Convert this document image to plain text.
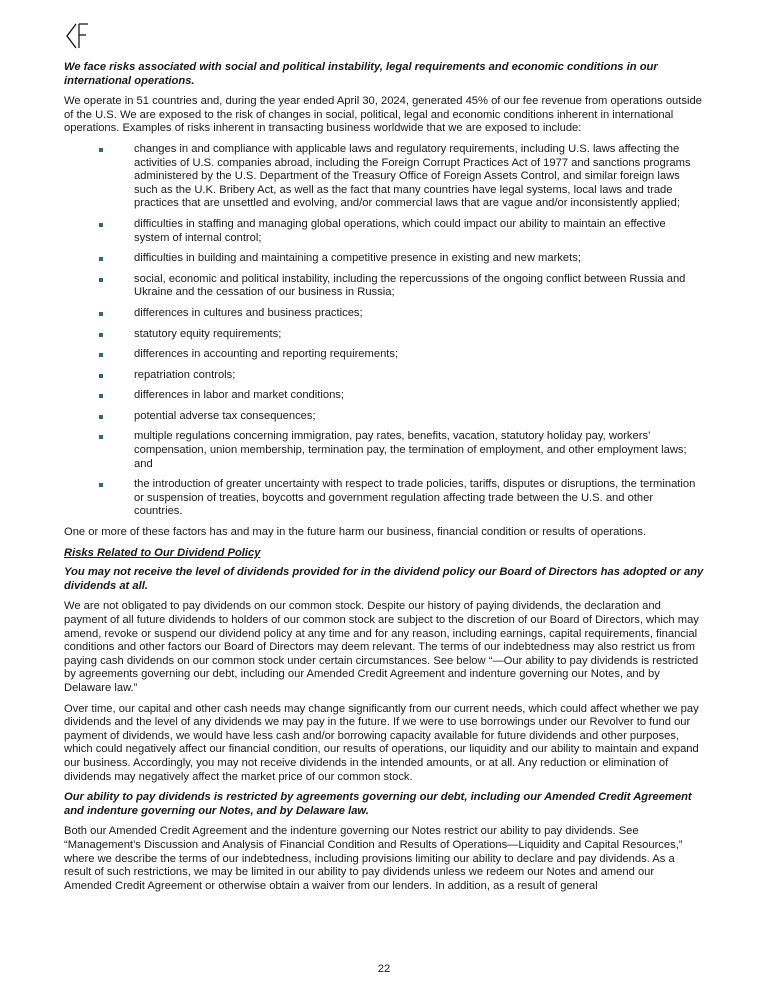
We face risks associated with social and political instability, legal requirements and economic conditions in our international operations.

We operate in 51 countries and, during the year ended April 30, 2024, generated 45% of our fee revenue from operations outside of the U.S. We are exposed to the risk of changes in social, political, legal and economic conditions inherent in international operations. Examples of risks inherent in transacting business worldwide that we are exposed to include:

changes in and compliance with applicable laws and regulatory requirements, including U.S. laws affecting the activities of U.S. companies abroad, including the Foreign Corrupt Practices Act of 1977 and sanctions programs administered by the U.S. Department of the Treasury Office of Foreign Assets Control, and similar foreign laws such as the U.K. Bribery Act, as well as the fact that many countries have legal systems, local laws and trade practices that are unsettled and evolving, and/or commercial laws that are vague and/or inconsistently applied;
difficulties in staffing and managing global operations, which could impact our ability to maintain an effective system of internal control;
difficulties in building and maintaining a competitive presence in existing and new markets;
social, economic and political instability, including the repercussions of the ongoing conflict between Russia and Ukraine and the cessation of our business in Russia;
differences in cultures and business practices;
statutory equity requirements;
differences in accounting and reporting requirements;
repatriation controls;
differences in labor and market conditions;
potential adverse tax consequences;
multiple regulations concerning immigration, pay rates, benefits, vacation, statutory holiday pay, workers’ compensation, union membership, termination pay, the termination of employment, and other employment laws; and
the introduction of greater uncertainty with respect to trade policies, tariffs, disputes or disruptions, the termination or suspension of treaties, boycotts and government regulation affecting trade between the U.S. and other countries.

One or more of these factors has and may in the future harm our business, financial condition or results of operations.

Risks Related to Our Dividend Policy
You may not receive the level of dividends provided for in the dividend policy our Board of Directors has adopted or any dividends at all.

We are not obligated to pay dividends on our common stock. Despite our history of paying dividends, the declaration and payment of all future dividends to holders of our common stock are subject to the discretion of our Board of Directors, which may amend, revoke or suspend our dividend policy at any time and for any reason, including earnings, capital requirements, financial conditions and other factors our Board of Directors may deem relevant. The terms of our indebtedness may also restrict us from paying cash dividends on our common stock under certain circumstances. See below “—Our ability to pay dividends is restricted by agreements governing our debt, including our Amended Credit Agreement and indenture governing our Notes, and by Delaware law.”

Over time, our capital and other cash needs may change significantly from our current needs, which could affect whether we pay dividends and the level of any dividends we may pay in the future. If we were to use borrowings under our Revolver to fund our payment of dividends, we would have less cash and/or borrowing capacity available for future dividends and other purposes, which could negatively affect our financial condition, our results of operations, our liquidity and our ability to maintain and expand our business. Accordingly, you may not receive dividends in the intended amounts, or at all. Any reduction or elimination of dividends may negatively affect the market price of our common stock.

Our ability to pay dividends is restricted by agreements governing our debt, including our Amended Credit Agreement and indenture governing our Notes, and by Delaware law.

Both our Amended Credit Agreement and the indenture governing our Notes restrict our ability to pay dividends. See “Management’s Discussion and Analysis of Financial Condition and Results of Operations—Liquidity and Capital Resources,” where we describe the terms of our indebtedness, including provisions limiting our ability to declare and pay dividends. As a result of such restrictions, we may be limited in our ability to pay dividends unless we redeem our Notes and amend our Amended Credit Agreement or otherwise obtain a waiver from our lenders. In addition, as a result of general

22
